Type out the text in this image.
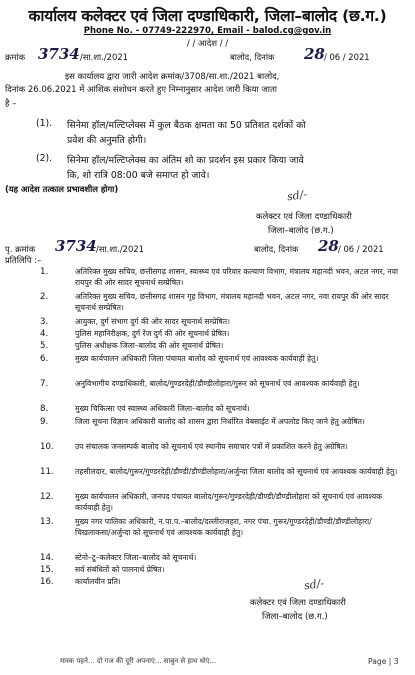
कार्यालय कलेक्टर एवं जिला दण्डाधिकारी, जिला–बालोद (छ.ग.)
Phone No. - 07749-222970, Email - balod.cg@gov.in
/ / आदेश / /
क्रमांक 3734 /सा.शा./2021	बालोद, दिनांक 28 / 06 / 2021
इस कार्यालय द्वारा जारी आदेश क्रमांक/3708/सा.शा./2021 बालोद,
दिनांक 26.06.2021 में आंशिक संशोधन करते हुए निम्नानुसार आदेश जारी किया जाता
है –
(1). सिनेमा हॉल/मल्टिप्लेक्स में कुल बैठक क्षमता का 50 प्रतिशत दर्शकों को
प्रवेश की अनुमति होगी।
(2). सिनेमा हॉल/मल्टिप्लेक्स का अंतिम शो का प्रदर्शन इस प्रकार किया जावे
कि, शो रात्रि 08:00 बजे समाप्त हो जावे।
(यह आदेश तत्काल प्रभावशील होगा)	sd/-
कलेक्टर एवं जिला दण्डाधिकारी
जिला–बालोद (छ.ग.)
पृ. क्रमांक 3734 /सा.शा./2021	बालोद, दिनांक 28 / 06 / 2021
प्रतिलिपि :–
1.	अतिरिक्त मुख्य सचिव, छत्तीसगढ़ शासन, स्वास्थ्य एवं परिवार कल्याण विभाग, मंत्रालय महानदी भवन, अटल नगर, नवा रायपुर की ओर सादर सूचनार्थ सम्प्रेषित।
2.	अतिरिक्त मुख्य सचिव, छत्तीसगढ़ शासन गृह विभाग, मंत्रालय महानदी भवन, अटल नगर, नवा रायपुर की ओर सादर सूचनार्थ सम्प्रेषित।
3.	आयुक्त, दुर्ग संभाग दुर्ग की ओर सादर सूचनार्थ सम्प्रेषित।
4.	पुलिस महानिरीक्षक, दुर्ग रेंज दुर्ग की ओर सूचनार्थ प्रेषित।
5.	पुलिस अधीक्षक जिला–बालोद की ओर सूचनार्थ प्रेषित।
6.	मुख्य कार्यपालन अधिकारी जिला पंचायत बालोद को सूचनार्थ एवं आवश्यक कार्यवाही हेतु।
7.	अनुविभागीय दण्डाधिकारी, बालोद/गुण्डरदेही/डौण्डीलोहारा/गुरूर को सूचनार्थ एवं आवश्यक कार्यवाही हेतु।
8.	मुख्य चिकित्सा एवं स्वास्थ्य अधिकारी जिला–बालोद को सूचनार्थ।
9.	जिला सूचना विज्ञान अधिकारी बालोद को शासन द्वारा निर्धारित वेबसाईट में अपलोड किए जाने हेतु अग्रेषित।
10.	उप संचालक जनसम्पर्क बालोद को सूचनार्थ एवं स्थानीय समाचार पत्रों में प्रकाशित करने हेतु अग्रेषित।
11.	तहसीलदार, बालोद/गुरूर/गुण्डरदेही/डौण्डी/डौण्डीलोहारा/अर्जुन्दा जिला बालोद को सूचनार्थ एवं आवश्यक कार्यवाही हेतु।
12.	मुख्य कार्यपालन अधिकारी, जनपद पंचायत बालोद/गुरूर/गुण्डरदेही/डौण्डी/डौण्डीलोहारा को सूचनार्थ एवं आवश्यक कार्यवाही हेतु।
13.	मुख्य नगर पालिका अधिकारी, न.पा.प.–बालोद/दल्लीराजहरा, नगर पंचा. गुरूर/गुण्डरदेही/डौण्डी/डौण्डीलोहारा/चिखलाकसा/अर्जुन्दा को सूचनार्थ एवं आवश्यक कार्यवाही हेतु।
14.	स्टेनो–टू–कलेक्टर जिला–बालोद को सूचनार्थ।
15.	सर्व संबंधितों को पालनार्थ प्रेषित।
16.	कार्यालयीन प्रति।	sd/-
कलेक्टर एवं जिला दण्डाधिकारी
जिला–बालोद (छ.ग.)
मास्क पहने... दो गज की दूरी अपनाएं... साबुन से हाथ धोएं...	Page | 3
